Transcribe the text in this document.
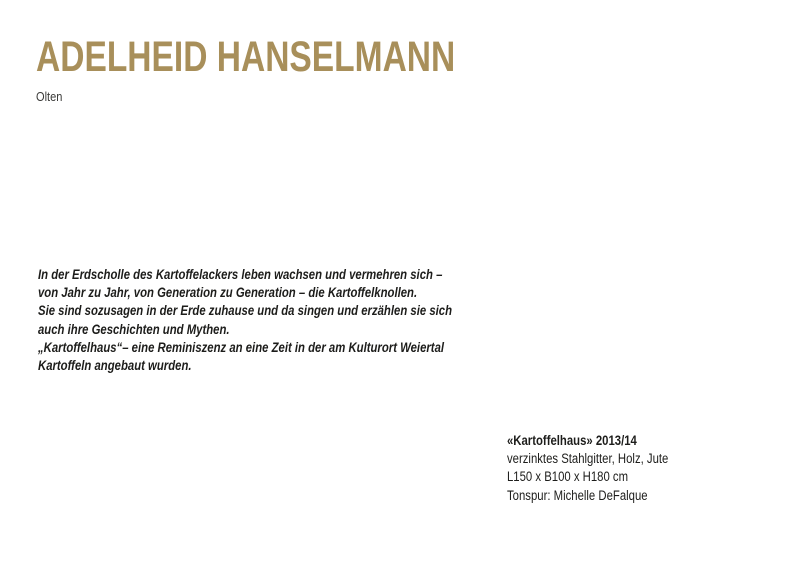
ADELHEID HANSELMANN
Olten
In der Erdscholle des Kartoffelackers leben wachsen und vermehren sich –
von Jahr zu Jahr, von Generation zu Generation – die Kartoffelknollen.
Sie sind sozusagen in der Erde zuhause und da singen und erzählen sie sich
auch ihre Geschichten und Mythen.
„Kartoffelhaus“– eine Reminiszenz an eine Zeit in der am Kulturort Weiertal
Kartoffeln angebaut wurden.
«Kartoffelhaus» 2013/14
verzinktes Stahlgitter, Holz, Jute
L150 x B100 x H180 cm
Tonspur: Michelle DeFalque
